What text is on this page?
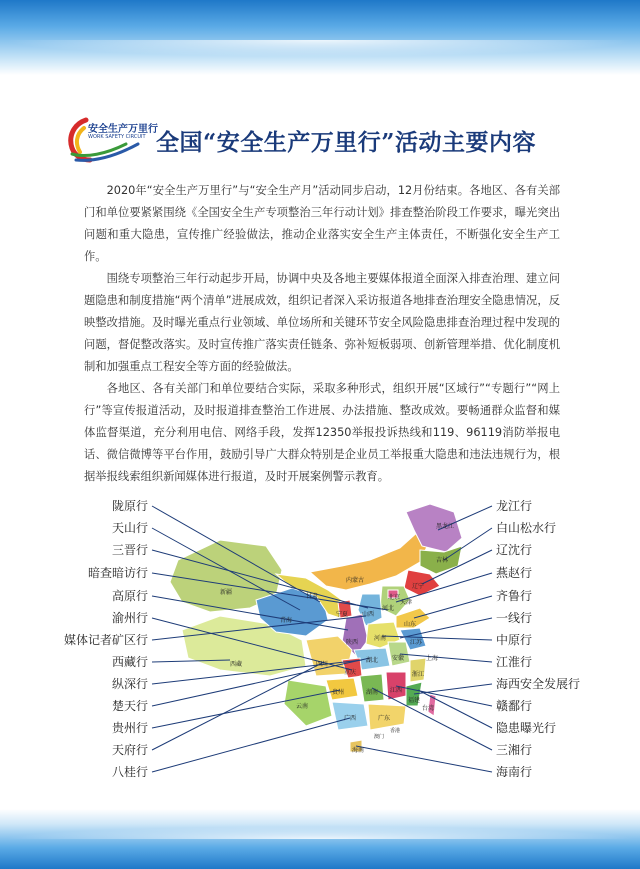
安全生产万里行
WORK SAFETY CIRCUIT 全国“安全生产万里行”活动主要内容

2020年“安全生产万里行”与“安全生产月”活动同步启动，12月份结束。各地区、各有关部门和单位要紧紧围绕《全国安全生产专项整治三年行动计划》排查整治阶段工作要求，曝光突出问题和重大隐患，宣传推广经验做法，推动企业落实安全生产主体责任，不断强化安全生产工作。

围绕专项整治三年行动起步开局，协调中央及各地主要媒体报道全面深入排查治理、建立问题隐患和制度措施“两个清单”进展成效，组织记者深入采访报道各地排查治理安全隐患情况，反映整改措施。及时曝光重点行业领域、单位场所和关键环节安全风险隐患排查治理过程中发现的问题，督促整改落实。及时宣传推广落实责任链条、弥补短板弱项、创新管理举措、优化制度机制和加强重点工程安全等方面的经验做法。

各地区、各有关部门和单位要结合实际，采取多种形式，组织开展“区域行”“专题行”“网上行”等宣传报道活动，及时报道排查整治工作进展、办法措施、整改成效。要畅通群众监督和媒体监督渠道，充分利用电信、网络手段，发挥12350举报投诉热线和119、96119消防举报电话、微信微博等平台作用，鼓励引导广大群众特别是企业员工举报重大隐患和违法违规行为，根据举报线索组织新闻媒体进行报道，及时开展案例警示教育。

黑龙江
吉林
辽宁
内蒙古
北京
天津
河北
山西
山东
新疆
甘肃
宁夏
青海
陕西
河南
江苏
安徽	上海
西藏	四川
重庆
湖北
浙江
湖南 江西
福建
贵州
云南
广西	广东
澳门
香港
台湾
海南
陇原行
天山行
三晋行
暗查暗访行
高原行
渝州行
媒体记者矿区行
西藏行
纵深行
楚天行
贵州行
天府行
八桂行
龙江行
白山松水行
辽沈行
燕赵行
齐鲁行
一线行
中原行
江淮行
海西安全发展行
赣鄱行
隐患曝光行
三湘行
海南行
